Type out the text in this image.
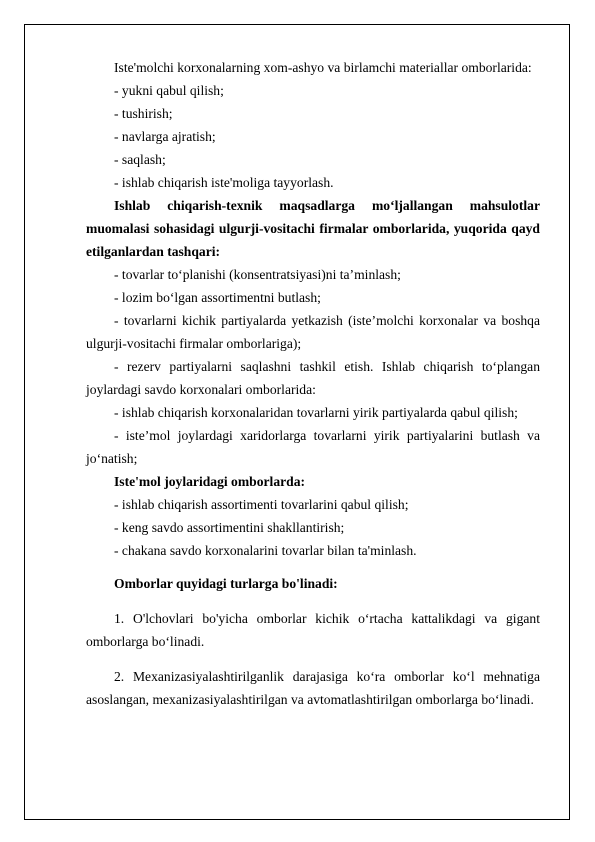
Iste'molchi korxonalarning xom-ashyo va birlamchi materiallar omborlarida:

- yukni qabul qilish;

- tushirish;

- navlarga ajratish;

- saqlash;

- ishlab chiqarish iste'moliga tayyorlash.

Ishlab chiqarish-texnik maqsadlarga mo‘ljallangan mahsulotlar muomalasi sohasidagi ulgurji-vositachi firmalar omborlarida, yuqorida qayd etilganlardan tashqari:

- tovarlar to‘planishi (konsentratsiyasi)ni ta’minlash;

- lozim bo‘lgan assortimentni butlash;

- tovarlarni kichik partiyalarda yetkazish (iste’molchi korxonalar va boshqa ulgurji-vositachi firmalar omborlariga);

- rezerv partiyalarni saqlashni tashkil etish. Ishlab chiqarish to‘plangan joylardagi savdo korxonalari omborlarida:

- ishlab chiqarish korxonalaridan tovarlarni yirik partiyalarda qabul qilish;

- iste’mol joylardagi xaridorlarga tovarlarni yirik partiyalarini butlash va jo‘natish;

Iste'mol joylaridagi omborlarda:

- ishlab chiqarish assortimenti tovarlarini qabul qilish;

- keng savdo assortimentini shakllantirish;

- chakana savdo korxonalarini tovarlar bilan ta'minlash.

Omborlar quyidagi turlarga bo'linadi:

1. O'lchovlari bo'yicha omborlar kichik o‘rtacha kattalikdagi va gigant omborlarga bo‘linadi.

2. Mexanizasiyalashtirilganlik darajasiga ko‘ra omborlar ko‘l mehnatiga asoslangan, mexanizasiyalashtirilgan va avtomatlashtirilgan omborlarga bo‘linadi.
